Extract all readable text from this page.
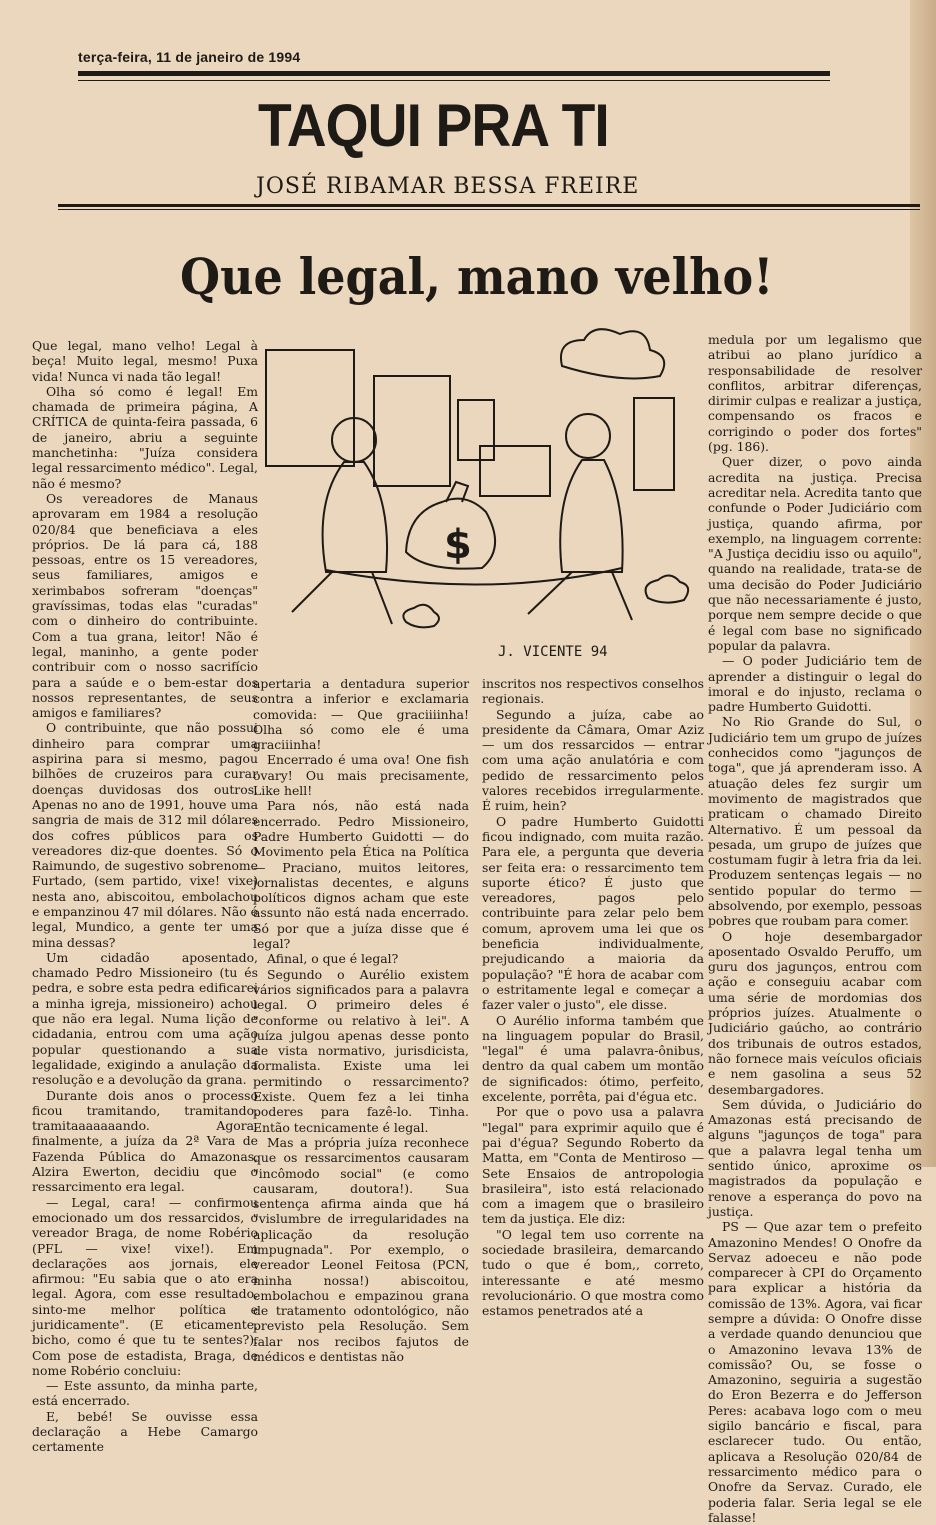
terça-feira, 11 de janeiro de 1994
TAQUI PRA TI
JOSÉ RIBAMAR BESSA FREIRE
Que legal, mano velho!

Que legal, mano velho! Legal à beça! Muito legal, mesmo! Puxa vida! Nunca vi nada tão legal!

Olha só como é legal! Em chamada de primeira página, A CRÍTICA de quinta-feira passada, 6 de janeiro, abriu a seguinte manchetinha: "Juíza considera legal ressarcimento médico". Legal, não é mesmo?

Os vereadores de Manaus aprovaram em 1984 a resolução 020/84 que beneficiava a eles próprios. De lá para cá, 188 pessoas, entre os 15 vereadores, seus familiares, amigos e xerimbabos sofreram "doenças" gravíssimas, todas elas "curadas" com o dinheiro do contribuinte. Com a tua grana, leitor! Não é legal, maninho, a gente poder contribuir com o nosso sacrifício para a saúde e o bem-estar dos nossos representantes, de seus amigos e familiares?

O contribuinte, que não possui dinheiro para comprar uma aspirina para si mesmo, pagou bilhões de cruzeiros para curar doenças duvidosas dos outros. Apenas no ano de 1991, houve uma sangria de mais de 312 mil dólares dos cofres públicos para os vereadores diz-que doentes. Só o Raimundo, de sugestivo sobrenome Furtado, (sem partido, vixe! vixe) nesta ano, abiscoitou, embolachou e empanzinou 47 mil dólares. Não é legal, Mundico, a gente ter uma mina dessas?

Um cidadão aposentado, chamado Pedro Missioneiro (tu és pedra, e sobre esta pedra edificarei a minha igreja, missioneiro) achou que não era legal. Numa lição de cidadania, entrou com uma ação popular questionando a sua legalidade, exigindo a anulação da resolução e a devolução da grana.

Durante dois anos o processo ficou tramitando, tramitando, tramitaaaaaaando. Agora, finalmente, a juíza da 2ª Vara de Fazenda Pública do Amazonas, Alzira Ewerton, decidiu que o ressarcimento era legal.

— Legal, cara! — confirmou emocionado um dos ressarcidos, o vereador Braga, de nome Robério (PFL — vixe! vixe!). Em declarações aos jornais, ele afirmou: "Eu sabia que o ato era legal. Agora, com esse resultado, sinto-me melhor política e juridicamente". (E eticamente, bicho, como é que tu te sentes?). Com pose de estadista, Braga, de nome Robério concluiu:

— Este assunto, da minha parte, está encerrado.

E, bebé! Se ouvisse essa declaração a Hebe Camargo certamente

apertaria a dentadura superior contra a inferior e exclamaria comovida: — Que graciiiinha! Olha só como ele é uma graciiinha!

Encerrado é uma ova! One fish ovary! Ou mais precisamente, Like hell!

Para nós, não está nada encerrado. Pedro Missioneiro, Padre Humberto Guidotti — do Movimento pela Ética na Política — Praciano, muitos leitores, jornalistas decentes, e alguns políticos dignos acham que este assunto não está nada encerrado. Só por que a juíza disse que é legal?

Afinal, o que é legal?

Segundo o Aurélio existem vários significados para a palavra legal. O primeiro deles é "conforme ou relativo à lei". A juíza julgou apenas desse ponto de vista normativo, jurisdicista, formalista. Existe uma lei permitindo o ressarcimento? Existe. Quem fez a lei tinha poderes para fazê-lo. Tinha. Então tecnicamente é legal.

Mas a própria juíza reconhece que os ressarcimentos causaram "incômodo social" (e como causaram, doutora!). Sua sentença afirma ainda que há "vislumbre de irregularidades na aplicação da resolução impugnada". Por exemplo, o vereador Leonel Feitosa (PCN, minha nossa!) abiscoitou, embolachou e empazinou grana de tratamento odontológico, não previsto pela Resolução. Sem falar nos recibos fajutos de médicos e dentistas não

inscritos nos respectivos conselhos regionais.

Segundo a juíza, cabe ao presidente da Câmara, Omar Aziz — um dos ressarcidos — entrar com uma ação anulatória e com pedido de ressarcimento pelos valores recebidos irregularmente. É ruim, hein?

O padre Humberto Guidotti ficou indignado, com muita razão. Para ele, a pergunta que deveria ser feita era: o ressarcimento tem suporte ético? É justo que vereadores, pagos pelo contribuinte para zelar pelo bem comum, aprovem uma lei que os beneficia individualmente, prejudicando a maioria da população? "É hora de acabar com o estritamente legal e começar a fazer valer o justo", ele disse.

O Aurélio informa também que na linguagem popular do Brasil, "legal" é uma palavra-ônibus, dentro da qual cabem um montão de significados: ótimo, perfeito, excelente, porrêta, pai d'égua etc.

Por que o povo usa a palavra "legal" para exprimir aquilo que é pai d'égua? Segundo Roberto da Matta, em "Conta de Mentiroso — Sete Ensaios de antropologia brasileira", isto está relacionado com a imagem que o brasileiro tem da justiça. Ele diz:

"O legal tem uso corrente na sociedade brasileira, demarcando tudo o que é bom,, correto, interessante e até mesmo revolucionário. O que mostra como estamos penetrados até a

medula por um legalismo que atribui ao plano jurídico a responsabilidade de resolver conflitos, arbitrar diferenças, dirimir culpas e realizar a justiça, compensando os fracos e corrigindo o poder dos fortes" (pg. 186).

Quer dizer, o povo ainda acredita na justiça. Precisa acreditar nela. Acredita tanto que confunde o Poder Judiciário com justiça, quando afirma, por exemplo, na linguagem corrente: "A Justiça decidiu isso ou aquilo", quando na realidade, trata-se de uma decisão do Poder Judiciário que não necessariamente é justo, porque nem sempre decide o que é legal com base no significado popular da palavra.

— O poder Judiciário tem de aprender a distinguir o legal do imoral e do injusto, reclama o padre Humberto Guidotti.

No Rio Grande do Sul, o Judiciário tem um grupo de juízes conhecidos como "jagunços de toga", que já aprenderam isso. A atuação deles fez surgir um movimento de magistrados que praticam o chamado Direito Alternativo. É um pessoal da pesada, um grupo de juízes que costumam fugir à letra fria da lei. Produzem sentenças legais — no sentido popular do termo — absolvendo, por exemplo, pessoas pobres que roubam para comer.

O hoje desembargador aposentado Osvaldo Peruffo, um guru dos jagunços, entrou com ação e conseguiu acabar com uma série de mordomias dos próprios juízes. Atualmente o Judiciário gaúcho, ao contrário dos tribunais de outros estados, não fornece mais veículos oficiais e nem gasolina a seus 52 desembargadores.

Sem dúvida, o Judiciário do Amazonas está precisando de alguns "jagunços de toga" para que a palavra legal tenha um sentido único, aproxime os magistrados da população e renove a esperança do povo na justiça.

PS — Que azar tem o prefeito Amazonino Mendes! O Onofre da Servaz adoeceu e não pode comparecer à CPI do Orçamento para explicar a história da comissão de 13%. Agora, vai ficar sempre a dúvida: O Onofre disse a verdade quando denunciou que o Amazonino levava 13% de comissão? Ou, se fosse o Amazonino, seguiria a sugestão do Eron Bezerra e do Jefferson Peres: acabava logo com o meu sigilo bancário e fiscal, para esclarecer tudo. Ou então, aplicava a Resolução 020/84 de ressarcimento médico para o Onofre da Servaz. Curado, ele poderia falar. Seria legal se ele falasse!

$
J. VICENTE 94
